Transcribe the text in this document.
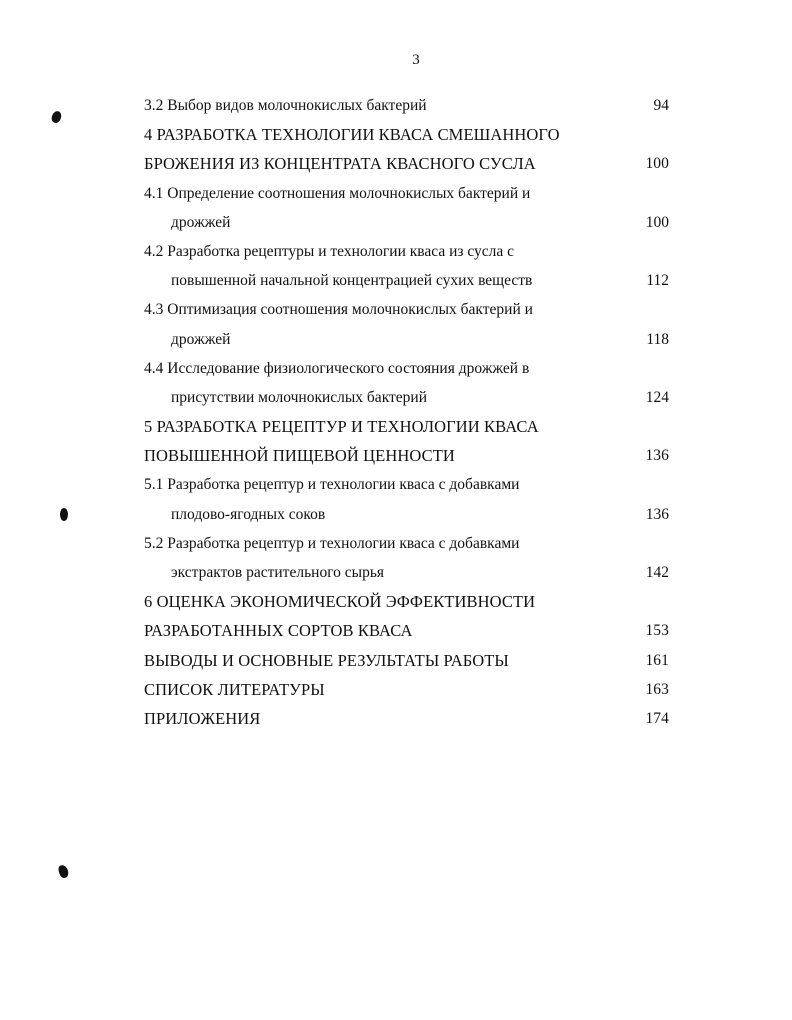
3
3.2 Выбор видов молочнокислых бактерий	94
4 РАЗРАБОТКА ТЕХНОЛОГИИ КВАСА СМЕШАННОГО
БРОЖЕНИЯ ИЗ КОНЦЕНТРАТА КВАСНОГО СУСЛА	100
4.1 Определение соотношения молочнокислых бактерий и
дрожжей	100
4.2 Разработка рецептуры и технологии кваса из сусла с
повышенной начальной концентрацией сухих веществ	112
4.3 Оптимизация соотношения молочнокислых бактерий и
дрожжей	118
4.4 Исследование физиологического состояния дрожжей в
присутствии молочнокислых бактерий	124
5 РАЗРАБОТКА РЕЦЕПТУР И ТЕХНОЛОГИИ КВАСА
ПОВЫШЕННОЙ ПИЩЕВОЙ ЦЕННОСТИ	136
5.1 Разработка рецептур и технологии кваса с добавками
плодово-ягодных соков	136
5.2 Разработка рецептур и технологии кваса с добавками
экстрактов растительного сырья	142
6 ОЦЕНКА ЭКОНОМИЧЕСКОЙ ЭФФЕКТИВНОСТИ
РАЗРАБОТАННЫХ СОРТОВ КВАСА	153
ВЫВОДЫ И ОСНОВНЫЕ РЕЗУЛЬТАТЫ РАБОТЫ	161
СПИСОК ЛИТЕРАТУРЫ	163
ПРИЛОЖЕНИЯ	174
